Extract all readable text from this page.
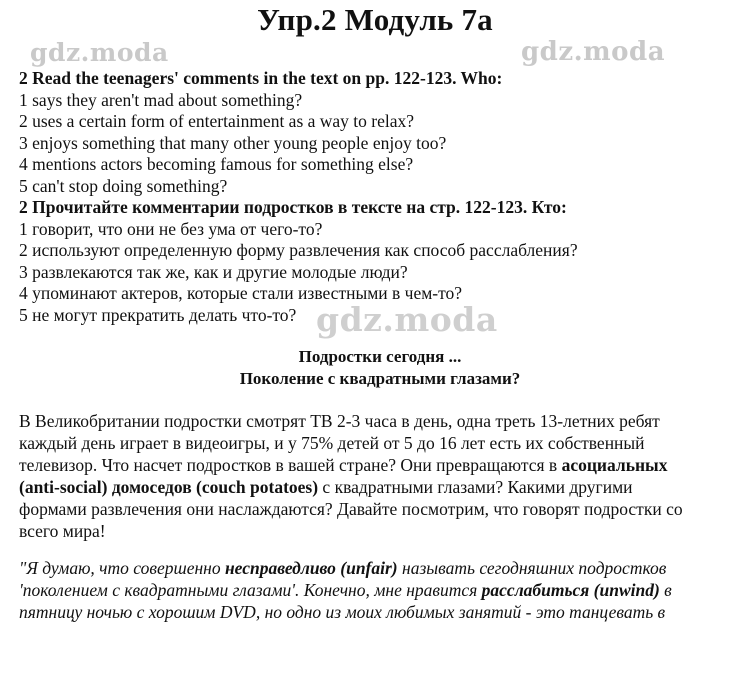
Упр.2 Модуль 7а
gdz.moda	gdz.moda
2 Read the teenagers' comments in the text on pp. 122-123. Who:
1 says they aren't mad about something?
2 uses a certain form of entertainment as a way to relax?
3 enjoys something that many other young people enjoy too?
4 mentions actors becoming famous for something else?
5 can't stop doing something?
2 Прочитайте комментарии подростков в тексте на стр. 122-123. Кто:
1 говорит, что они не без ума от чего-то?
2 используют определенную форму развлечения как способ расслабления?
3 развлекаются так же, как и другие молодые люди?
4 упоминают актеров, которые стали известными в чем-то?
5 не могут прекратить делать что-то? gdz.moda
Подростки сегодня ...
Поколение с квадратными глазами?
В Великобритании подростки смотрят ТВ 2-3 часа в день, одна треть 13-летних ребят
каждый день играет в видеоигры, и у 75% детей от 5 до 16 лет есть их собственный
телевизор. Что насчет подростков в вашей стране? Они превращаются в асоциальных
(anti-social) домоседов (couch potatoes) с квадратными глазами? Какими другими
формами развлечения они наслаждаются? Давайте посмотрим, что говорят подростки со
всего мира!
"Я думаю, что совершенно несправедливо (unfair) называть сегодняшних подростков
'поколением с квадратными глазами'. Конечно, мне нравится расслабиться (unwind) в
пятницу ночью с хорошим DVD, но одно из моих любимых занятий - это танцевать в
